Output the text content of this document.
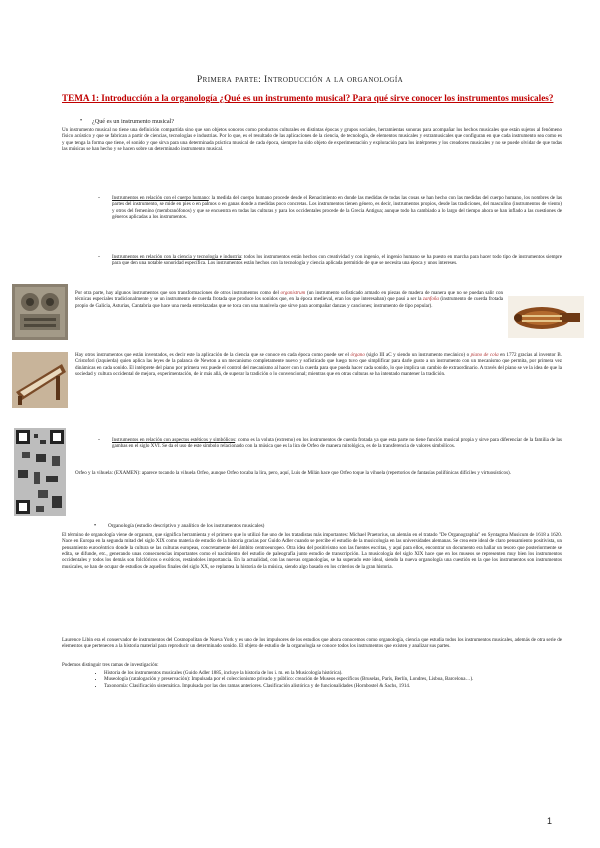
Primera parte: Introducción a la organología
TEMA 1: Introducción a la organología ¿Qué es un instrumento musical? Para qué sirve conocer los instrumentos musicales?
• ¿Qué es un instrumento musical?

Un instrumento musical no tiene una definición compartida sino que son objetos sonoros como productos culturales en distintas épocas y grupos sociales, herramientas sonoras para acompañar los hechos musicales que están sujetos al fenómeno físico acústico y que se fabrican a partir de ciencias, tecnologías e industrias. Por lo que, es el resultado de las aplicaciones de la ciencia, de tecnología, de elementos musicales y extramusicales que configuran en que cada instrumento sea como es y que tenga la forma que tiene, el sonido y que sirva para una determinada práctica musical de cada época, siempre ha sido objeto de experimentación y exploración para los intérpretes y los creadores musicales y no se puede olvidar de que todas las músicas se han hecho y se hacen sobre un determinado instrumento musical.

- Instrumentos en relación con el cuerpo humano: la medida del cuerpo humano procede desde el Renacimiento en donde las medidas de todas las cosas se han hecho con las medidas del cuerpo humano, los nombres de las partes del instrumento, se mide en pies o en palmos o en ganas donde a medidas poco concretas. Los instrumentos tienen género, es decir, instrumentos propios, desde las tradiciones, del masculino (instrumentos de viento) y otros del femenino (membranófonos) y que se encuentra en todas las culturas y para los occidentales procede de la Grecia Antigua; aunque todo ha cambiado a lo largo del tiempo ahora se han inflado a las cuestiones de géneros aplicadas a los instrumentos.
- Instrumentos en relación con la ciencia y tecnología e industria: todos los instrumentos están hechos con creatividad y con ingenio, el ingenio humano se ha puesto en marcha para hacer todo tipo de instrumentos siempre para que den una notable sonoridad específica. Los instrumentos están hechos con la tecnología y ciencia aplicada permitido de que se necesita una época y unos intereses.
Por otra parte, hay algunos instrumentos que son transformaciones de otros instrumentos como del organistrum (un instrumento sofisticado armado en piezas de madera de manera que no se puedan salir con técnicas especiales tradicionalmente y se un instrumento de cuerda frotada que produce los sonidos que, en la época medieval, eran los que interesaban) que pasó a ser la zanfoña (instrumento de cuerda frotada propio de Galicia, Asturias, Cantabria que hace una rueda entrelazadas que se toca con una manivela que sirve para acompañar danzas y canciones; instrumento de tipo popular).
Hay otros instrumentos que están inventados, es decir este la aplicación de la ciencia que se conoce en cada época como puede ser el órgano (siglo III aC y siendo un instrumento mecánico) o piano de cola en 1772 gracias al inventor B. Cristofori (izquierda) quien aplica las leyes de la palanca de Newton a un mecanismo completamente nuevo y sofisticado que luego tuvo que simplificar para darle gusto a un instrumento con un mecanismo que permita, por primera vez dinámicas en cada sonido. El intérprete del piano por primera vez puede el control del mecanismo al hacer con la cuerda para que pueda hacer cada sonido, lo que implica un cambio de extraordinario. A través del piano se ve la idea de que la sociedad y cultura occidental de mejora, experimentación, de ir más allá, de superar la tradición o lo convencional; mientras que en otras culturas se ha intentado mantener la tradición.
- Instrumentos en relación con aspectos estéticos y simbólicos: como es la voluta (extremo) en los instrumentos de cuerda frotada ya que esta parte no tiene función musical propia y sirve para diferenciar de la familia de las gambas en el siglo XVI. Se da el uso de este símbolo relacionado con la música que es la lira de Orfeo de manera mitológica, es de la transferencia de valores simbólicos.

Orfeo y la vihuela: (EXAMEN): aparece tocando la vihuela Orfeo, aunque Orfeo tocaba la lira, pero, aquí, Luis de Milán hace que Orfeo toque la vihuela (repertorios de fantasías polifónicas difíciles y virtuosísticos).

• Organología (estudio descriptivo y analítico de los instrumentos musicales)

El término de organología viene de organum, que significa herramienta y el primero que lo utilizó fue uno de los tratadistas más importantes: Michael Praetorius, un alemán en el tratado "De Organographia" en Syntagma Musicum de 1618 a 1620. Nace en Europa en la segunda mitad del siglo XIX como materia de estudio de la historia gracias por Guido Adler cuando se percibe el estudio de la musicología en las universidades alemanas. Se crea este ideal de claro pensamiento positivista, un pensamiento eurocéntrico donde la cultura se las culturas europeas, concretamente del ámbito centroeuropeo. Otra idea del positivismo son las fuentes escritas, y aquí para ellos, encontrar un documento era hallar un tesoro que posteriormente se edita, se difunde, etc., generando unas consecuencias importantes como el nacimiento del estudio de paleografía junto estudio de transcripción. La musicología del siglo XIX hace que en los museos se representen muy bien los instrumentos occidentales y todos los demás son folclóricos o exóticos, restándoles importancia. En la actualidad, con las nuevas organologías, se ha superado este ideal, siendo la nueva organología una cuestión en la que los instrumentos son instrumentos musicales, se han de ocupar de estudios de aquellos finales del siglo XX, se replantea la historia de la música, siendo algo basado en los criterios de la gran historia.

Laurence Libin era el conservador de instrumentos del Cosmopolitan de Nueva York y es uno de los impulsores de los estudios que ahora conocemos como organología, ciencia que estudia todos los instrumentos musicales, además de otra serie de elementos que pertenecen a la historia material para reproducir un determinado sonido. El objeto de estudio de la organología se conoce todos los instrumentos que existen y analizar sus partes.

Podemos distinguir tres ramas de investigación:

• Historia de los instrumentos musicales (Guido Adler 1885, incluye la historia de los i. m. en la Musicología histórica).
• Museología (catalogación y preservación): Impulsada por el coleccionismo privado y público: creación de Museos específicos (Bruselas, París, Berlín, Londres, Lisboa, Barcelona…).
• Taxonomía: Clasificación sistemática. Impulsada por las dos ramas anteriores. Clasificación alistórica y de funcionalidades (Hornbostel & Sachs, 1914.
1
